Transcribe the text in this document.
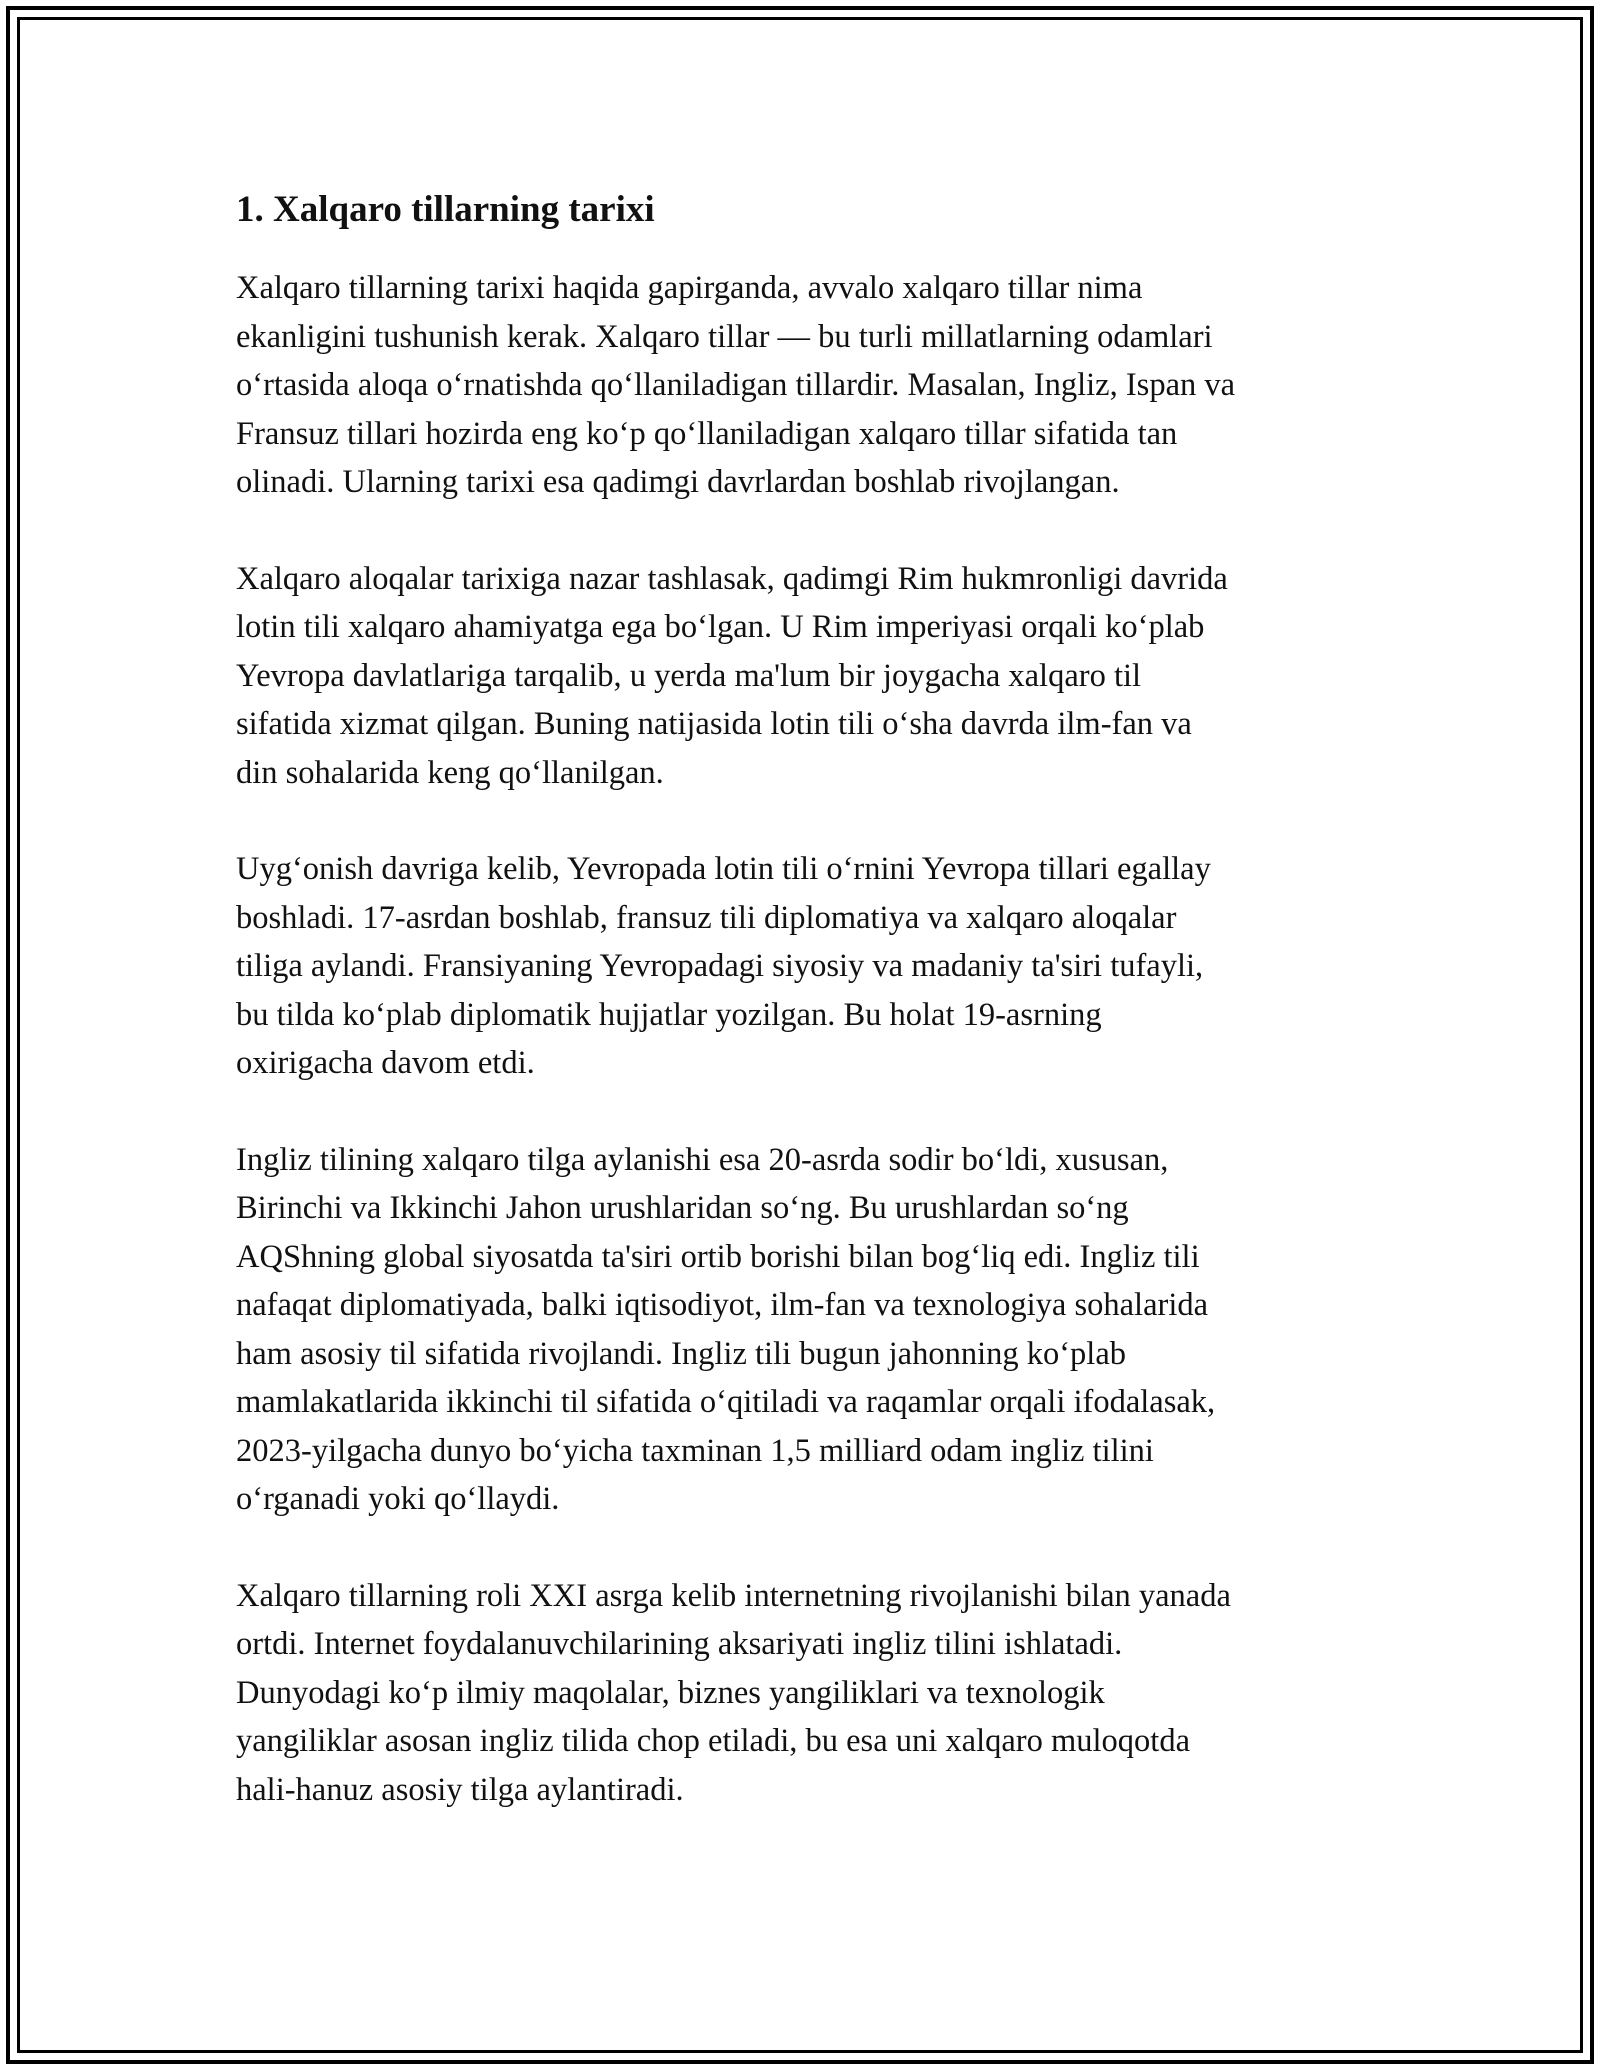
1. Xalqaro tillarning tarixi

Xalqaro tillarning tarixi haqida gapirganda, avvalo xalqaro tillar nima
ekanligini tushunish kerak. Xalqaro tillar — bu turli millatlarning odamlari
oʻrtasida aloqa oʻrnatishda qoʻllaniladigan tillardir. Masalan, Ingliz, Ispan va
Fransuz tillari hozirda eng koʻp qoʻllaniladigan xalqaro tillar sifatida tan
olinadi. Ularning tarixi esa qadimgi davrlardan boshlab rivojlangan.

Xalqaro aloqalar tarixiga nazar tashlasak, qadimgi Rim hukmronligi davrida
lotin tili xalqaro ahamiyatga ega boʻlgan. U Rim imperiyasi orqali koʻplab
Yevropa davlatlariga tarqalib, u yerda ma'lum bir joygacha xalqaro til
sifatida xizmat qilgan. Buning natijasida lotin tili oʻsha davrda ilm-fan va
din sohalarida keng qoʻllanilgan.

Uygʻonish davriga kelib, Yevropada lotin tili oʻrnini Yevropa tillari egallay
boshladi. 17-asrdan boshlab, fransuz tili diplomatiya va xalqaro aloqalar
tiliga aylandi. Fransiyaning Yevropadagi siyosiy va madaniy ta'siri tufayli,
bu tilda koʻplab diplomatik hujjatlar yozilgan. Bu holat 19-asrning
oxirigacha davom etdi.

Ingliz tilining xalqaro tilga aylanishi esa 20-asrda sodir boʻldi, xususan,
Birinchi va Ikkinchi Jahon urushlaridan soʻng. Bu urushlardan soʻng
AQShning global siyosatda ta'siri ortib borishi bilan bogʻliq edi. Ingliz tili
nafaqat diplomatiyada, balki iqtisodiyot, ilm-fan va texnologiya sohalarida
ham asosiy til sifatida rivojlandi. Ingliz tili bugun jahonning koʻplab
mamlakatlarida ikkinchi til sifatida oʻqitiladi va raqamlar orqali ifodalasak,
2023-yilgacha dunyo boʻyicha taxminan 1,5 milliard odam ingliz tilini
oʻrganadi yoki qoʻllaydi.

Xalqaro tillarning roli XXI asrga kelib internetning rivojlanishi bilan yanada
ortdi. Internet foydalanuvchilarining aksariyati ingliz tilini ishlatadi.
Dunyodagi koʻp ilmiy maqolalar, biznes yangiliklari va texnologik
yangiliklar asosan ingliz tilida chop etiladi, bu esa uni xalqaro muloqotda
hali-hanuz asosiy tilga aylantiradi.
